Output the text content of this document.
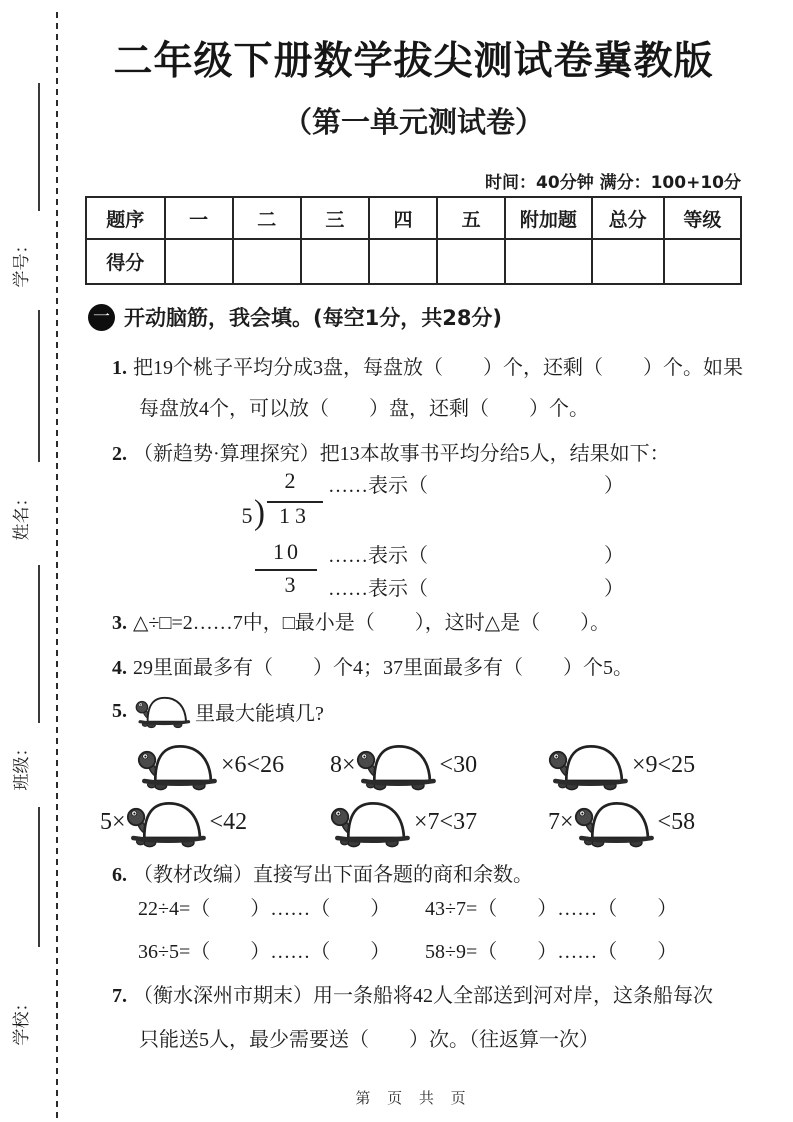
学号：
姓名：
班级：
学校：
二年级下册数学拔尖测试卷冀教版
（第一单元测试卷）
时间：40分钟 满分：100+10分
题序	一	二	三	四	五	附加题	总分	等级
得分								
一 开动脑筋，我会填。(每空1分，共28分)
1. 把19个桃子平均分成3盘，每盘放（　　）个，还剩（　　）个。如果
每盘放4个，可以放（　　）盘，还剩（　　）个。
2. （新趋势·算理探究）把13本故事书平均分给5人，结果如下：
2
5 ) 13
10
3
……表示（	）
……表示（	）
……表示（	）
3. △÷□=2……7中，□最小是（　　），这时△是（　　）。
4. 29里面最多有（　　）个4；37里面最多有（　　）个5。
5.	里最大能填几?
×6<26 8×	<30	×9<25
5×	<42	×7<37	7×	<58
6. （教材改编）直接写出下面各题的商和余数。
22÷4=（　　）……（　　）	43÷7=（　　）……（　　）
36÷5=（　　）……（　　）	58÷9=（　　）……（　　）
7. （衡水深州市期末）用一条船将42人全部送到河对岸，这条船每次
只能送5人，最少需要送（　　）次。（往返算一次）
第 页 共 页
